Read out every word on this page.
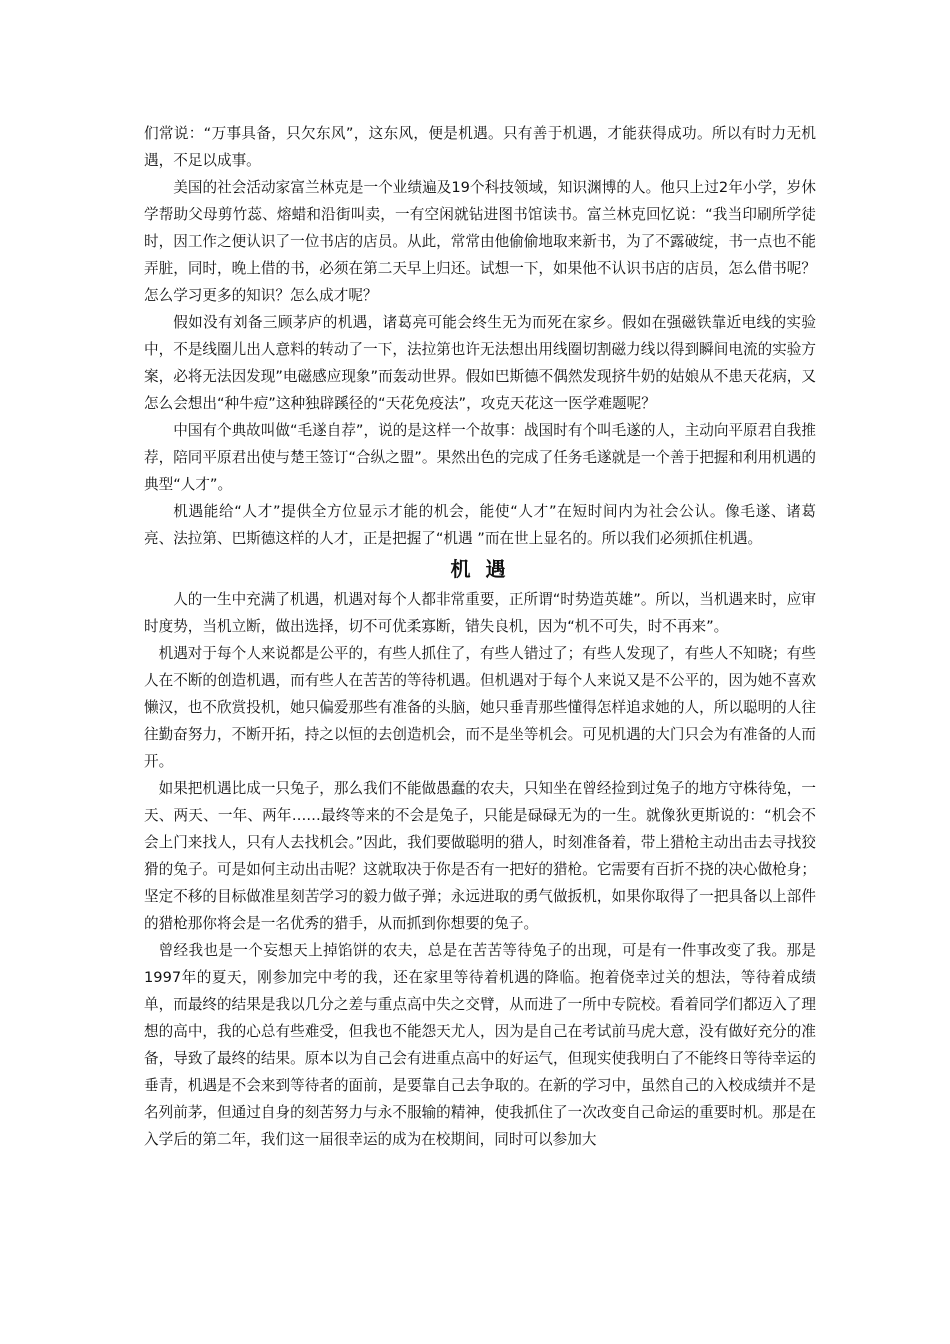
们常说：“万事具备，只欠东风”，这东风，便是机遇。只有善于机遇，才能获得成功。所以有时力无机遇，不足以成事。

美国的社会活动家富兰林克是一个业绩遍及19个科技领域，知识渊博的人。他只上过2年小学，岁休学帮助父母剪竹蕊、熔蜡和沿街叫卖，一有空闲就钻进图书馆读书。富兰林克回忆说：“我当印刷所学徒时，因工作之便认识了一位书店的店员。从此，常常由他偷偷地取来新书，为了不露破绽，书一点也不能弄脏，同时，晚上借的书，必须在第二天早上归还。试想一下，如果他不认识书店的店员，怎么借书呢？怎么学习更多的知识？怎么成才呢？

假如没有刘备三顾茅庐的机遇，诸葛亮可能会终生无为而死在家乡。假如在强磁铁靠近电线的实验中，不是线圈儿出人意料的转动了一下，法拉第也许无法想出用线圈切割磁力线以得到瞬间电流的实验方案，必将无法因发现”电磁感应现象”而轰动世界。假如巴斯德不偶然发现挤牛奶的姑娘从不患天花病，又怎么会想出“种牛痘”这种独辟蹊径的“天花免疫法”，攻克天花这一医学难题呢？

中国有个典故叫做“毛遂自荐”，说的是这样一个故事：战国时有个叫毛遂的人，主动向平原君自我推荐，陪同平原君出使与楚王签订“合纵之盟”。果然出色的完成了任务毛遂就是一个善于把握和利用机遇的典型“人才”。

机遇能给“人才”提供全方位显示才能的机会，能使“人才”在短时间内为社会公认。像毛遂、诸葛亮、法拉第、巴斯德这样的人才，正是把握了“机遇 ”而在世上显名的。所以我们必须抓住机遇。

机 遇

人的一生中充满了机遇，机遇对每个人都非常重要，正所谓“时势造英雄”。所以，当机遇来时，应审时度势，当机立断，做出选择，切不可优柔寡断，错失良机，因为“机不可失，时不再来”。

机遇对于每个人来说都是公平的，有些人抓住了，有些人错过了；有些人发现了，有些人不知晓；有些人在不断的创造机遇，而有些人在苦苦的等待机遇。但机遇对于每个人来说又是不公平的，因为她不喜欢懒汉，也不欣赏投机，她只偏爱那些有准备的头脑，她只垂青那些懂得怎样追求她的人，所以聪明的人往往勤奋努力，不断开拓，持之以恒的去创造机会，而不是坐等机会。可见机遇的大门只会为有准备的人而开。

如果把机遇比成一只兔子，那么我们不能做愚蠢的农夫，只知坐在曾经捡到过兔子的地方守株待兔，一天、两天、一年、两年……最终等来的不会是兔子，只能是碌碌无为的一生。就像狄更斯说的：“机会不会上门来找人，只有人去找机会。”因此，我们要做聪明的猎人，时刻准备着，带上猎枪主动出击去寻找狡猾的兔子。可是如何主动出击呢？这就取决于你是否有一把好的猎枪。它需要有百折不挠的决心做枪身；坚定不移的目标做准星刻苦学习的毅力做子弹；永远进取的勇气做扳机，如果你取得了一把具备以上部件的猎枪那你将会是一名优秀的猎手，从而抓到你想要的兔子。

曾经我也是一个妄想天上掉馅饼的农夫，总是在苦苦等待兔子的出现，可是有一件事改变了我。那是1997年的夏天，刚参加完中考的我，还在家里等待着机遇的降临。抱着侥幸过关的想法，等待着成绩单，而最终的结果是我以几分之差与重点高中失之交臂，从而进了一所中专院校。看着同学们都迈入了理想的高中，我的心总有些难受，但我也不能怨天尤人，因为是自己在考试前马虎大意，没有做好充分的准备，导致了最终的结果。原本以为自己会有进重点高中的好运气，但现实使我明白了不能终日等待幸运的垂青，机遇是不会来到等待者的面前，是要靠自己去争取的。在新的学习中，虽然自己的入校成绩并不是名列前茅，但通过自身的刻苦努力与永不服输的精神，使我抓住了一次改变自己命运的重要时机。那是在入学后的第二年，我们这一届很幸运的成为在校期间，同时可以参加大
